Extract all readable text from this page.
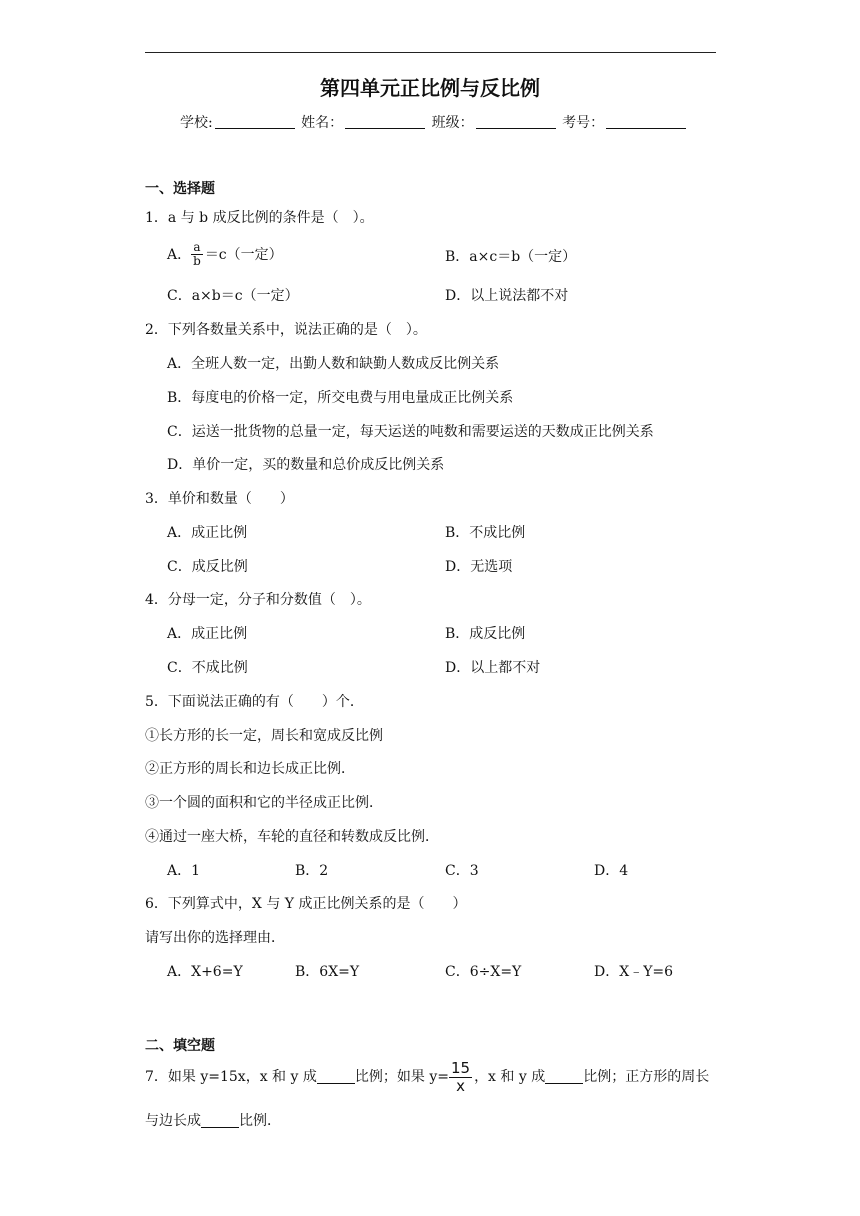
第四单元正比例与反比例
学校:	姓名：	班级：	考号：
一、选择题
1．a 与 b 成反比例的条件是（　）。
A． $\frac{a}{b} =c$（一定）	B．a×c＝b（一定）
C．a×b＝c（一定）	D．以上说法都不对
2．下列各数量关系中，说法正确的是（　）。
A．全班人数一定，出勤人数和缺勤人数成反比例关系
B．每度电的价格一定，所交电费与用电量成正比例关系
C．运送一批货物的总量一定，每天运送的吨数和需要运送的天数成正比例关系
D．单价一定，买的数量和总价成反比例关系
3．单价和数量（　　）
A．成正比例	B．不成比例
C．成反比例	D．无选项
4．分母一定，分子和分数值（　）。
A．成正比例	B．成反比例
C．不成比例	D．以上都不对
5．下面说法正确的有（　　）个．
①长方形的长一定，周长和宽成反比例
②正方形的周长和边长成正比例．
③一个圆的面积和它的半径成正比例．
④通过一座大桥，车轮的直径和转数成反比例．
A．1	B．2	C．3	D．4
6．下列算式中，X 与 Y 成正比例关系的是（　　）
请写出你的选择理由．
A．X+6=Y	B．6X=Y	C．6÷X=Y	D．X﹣Y=6
二、填空题
7．如果 y=15x，x 和 y 成	比例；如果 $y= \frac{15}{x}$ ，x 和 y 成	比例；正方形的周长
与边长成	比例．
